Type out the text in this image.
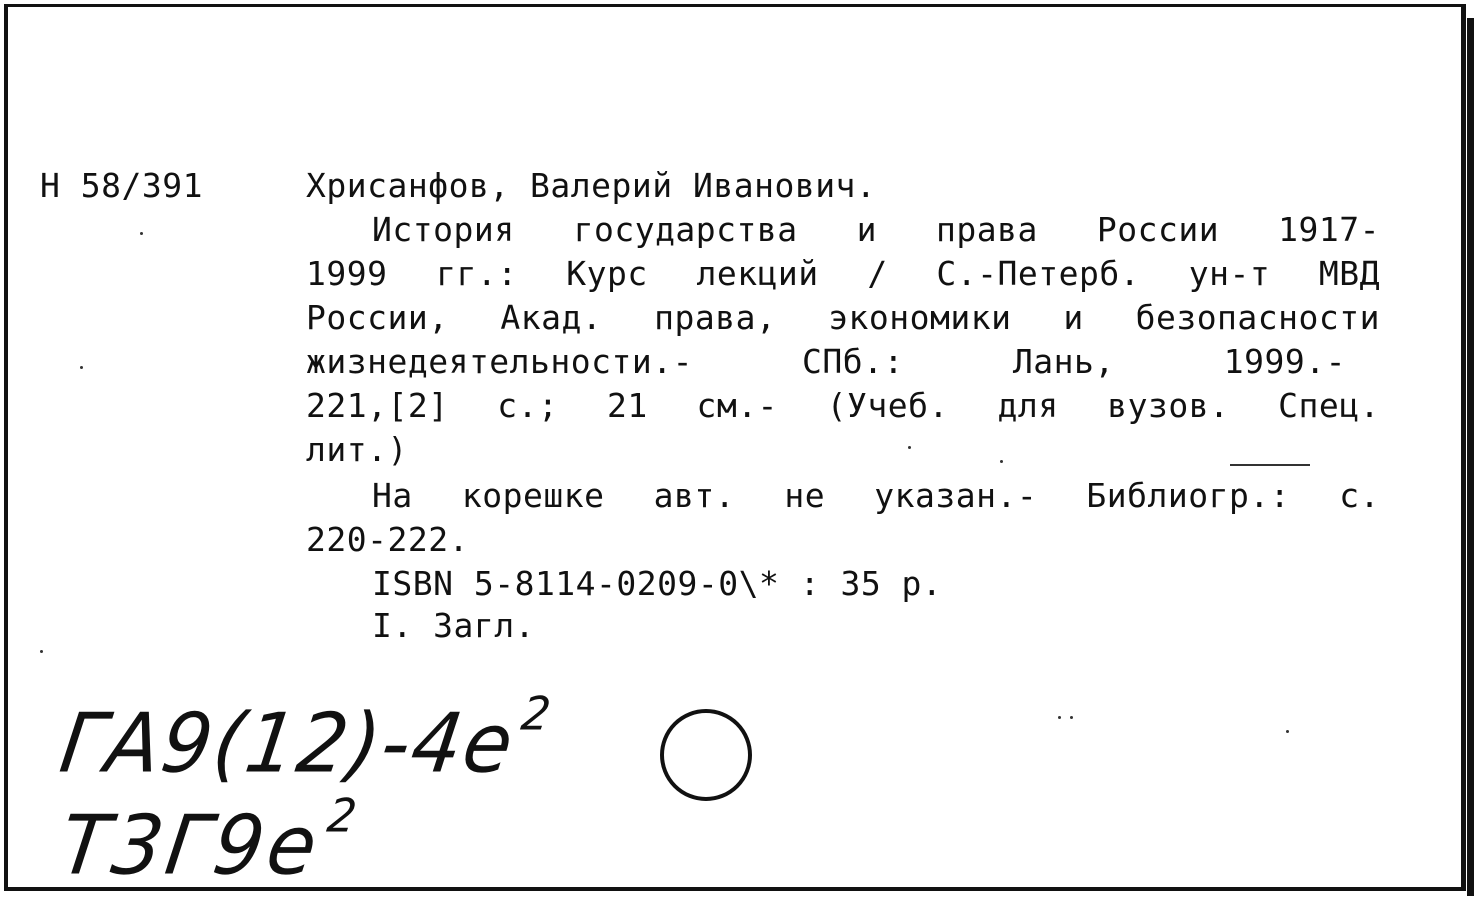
Н 58/391	Хрисанфов, Валерий Иванович.
История государства и права России 1917-
1999 гг.: Курс лекций / С.-Петерб. ун-т МВД
России, Акад. права, экономики и безопасности
жизнедеятельности.- СПб.: Лань, 1999.-
221,[2] с.; 21 см.- (Учеб. для вузов. Спец.
лит.)
На корешке авт. не указан.- Библиогр.: с.
220-222.
ISBN 5-8114-0209-0\* : 35 р.
I. Загл.
$ГА9(12)-4е^2$
$Т3Г9е^2$
